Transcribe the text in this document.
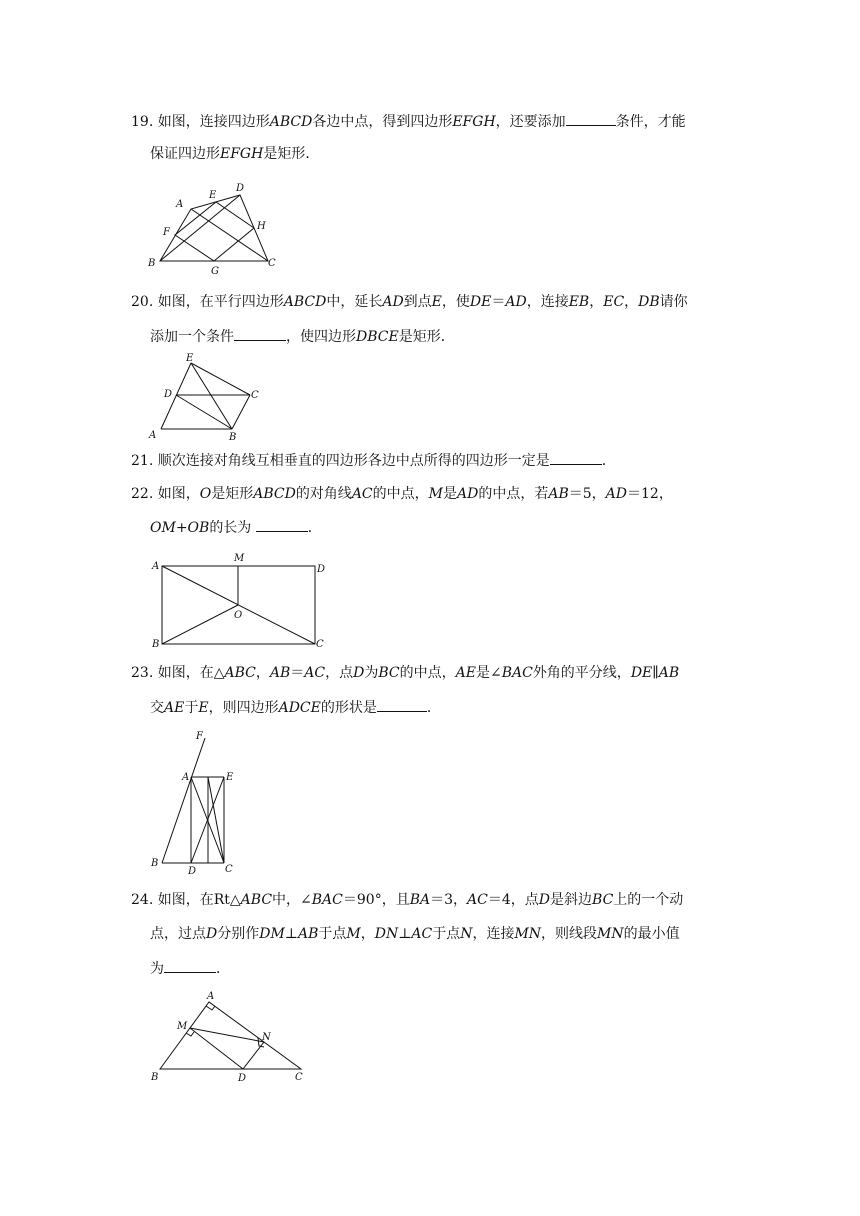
19. 如图，连接四边形ABCD各边中点，得到四边形EFGH，还要添加	条件，才能
保证四边形EFGH是矩形．
A
B	C
D
E
F
G
H
20. 如图，在平行四边形ABCD中，延长AD到点E，使DE＝AD，连接EB，EC，DB请你
添加一个条件	，使四边形DBCE是矩形．
E
D	C
A	B
21. 顺次连接对角线互相垂直的四边形各边中点所得的四边形一定是	．
22. 如图，O是矩形ABCD的对角线AC的中点，M是AD的中点，若AB＝5，AD＝12，
OM+OB的长为	．
A
M
D
O
B	C
23. 如图，在△ABC，AB＝AC，点D为BC的中点，AE是∠BAC外角的平分线，DE∥AB
交AE于E，则四边形ADCE的形状是	．
F
A	E
B
D	C
24. 如图，在Rt△ABC中，∠BAC＝90°，且BA＝3，AC＝4，点D是斜边BC上的一个动
点，过点D分别作DM⊥AB于点M，DN⊥AC于点N，连接MN，则线段MN的最小值
为	．
A
M
N
B	D	C
